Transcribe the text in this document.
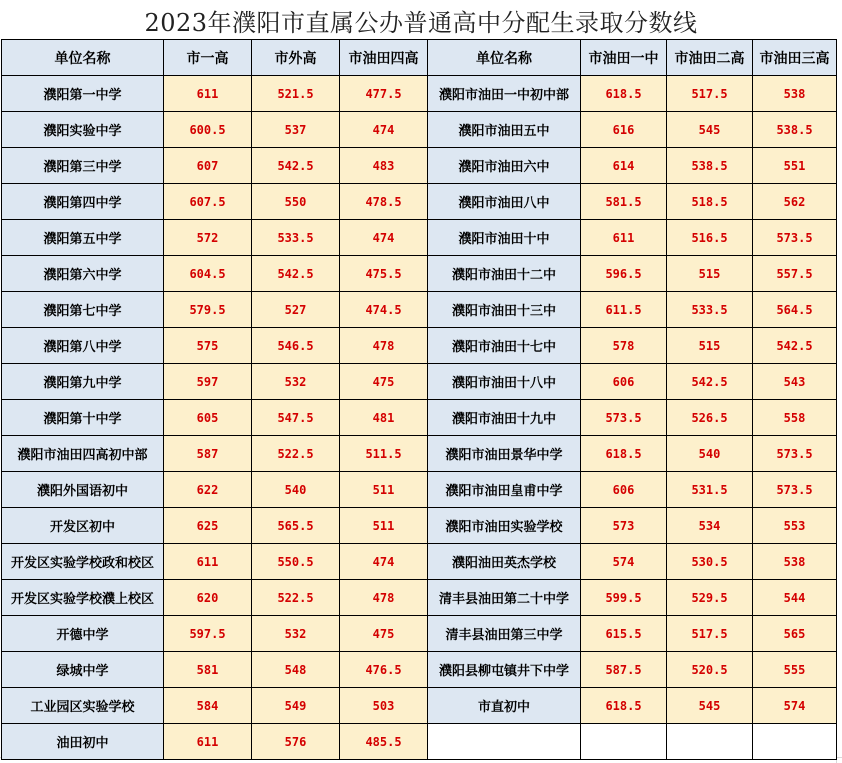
2023年濮阳市直属公办普通高中分配生录取分数线
单位名称	市一高	市外高	市油田四高	单位名称	市油田一中	市油田二高	市油田三高
濮阳第一中学	611	521.5	477.5	濮阳市油田一中初中部	618.5	517.5	538
濮阳实验中学	600.5	537	474	濮阳市油田五中	616	545	538.5
濮阳第三中学	607	542.5	483	濮阳市油田六中	614	538.5	551
濮阳第四中学	607.5	550	478.5	濮阳市油田八中	581.5	518.5	562
濮阳第五中学	572	533.5	474	濮阳市油田十中	611	516.5	573.5
濮阳第六中学	604.5	542.5	475.5	濮阳市油田十二中	596.5	515	557.5
濮阳第七中学	579.5	527	474.5	濮阳市油田十三中	611.5	533.5	564.5
濮阳第八中学	575	546.5	478	濮阳市油田十七中	578	515	542.5
濮阳第九中学	597	532	475	濮阳市油田十八中	606	542.5	543
濮阳第十中学	605	547.5	481	濮阳市油田十九中	573.5	526.5	558
濮阳市油田四高初中部	587	522.5	511.5	濮阳市油田景华中学	618.5	540	573.5
濮阳外国语初中	622	540	511	濮阳市油田皇甫中学	606	531.5	573.5
开发区初中	625	565.5	511	濮阳市油田实验学校	573	534	553
开发区实验学校政和校区	611	550.5	474	濮阳油田英杰学校	574	530.5	538
开发区实验学校濮上校区	620	522.5	478	清丰县油田第二十中学	599.5	529.5	544
开德中学	597.5	532	475	清丰县油田第三中学	615.5	517.5	565
绿城中学	581	548	476.5	濮阳县柳屯镇井下中学	587.5	520.5	555
工业园区实验学校	584	549	503	市直初中	618.5	545	574
油田初中	611	576	485.5				
